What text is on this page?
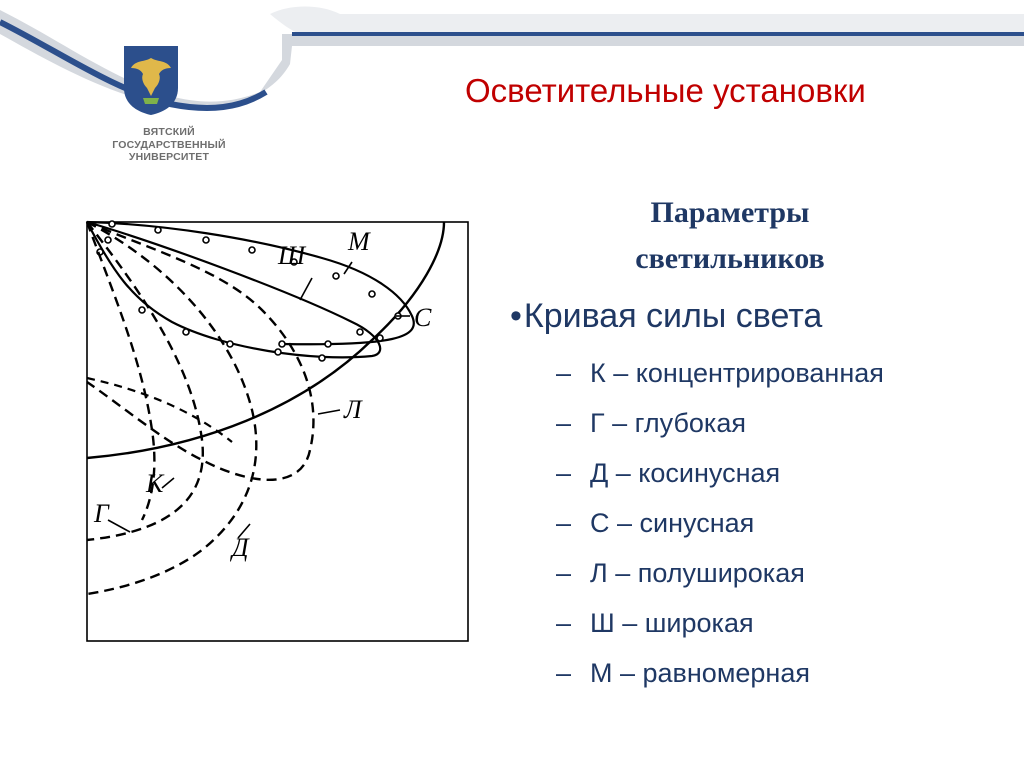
ВЯТСКИЙ
ГОСУДАРСТВЕННЫЙ
УНИВЕРСИТЕТ
Осветительные установки
Ш М
С
Л
К
Г
Д
Параметры
светильников
•Кривая силы света
– К – концентрированная
– Г – глубокая
– Д – косинусная
– С – синусная
– Л – полуширокая
– Ш – широкая
– М – равномерная
